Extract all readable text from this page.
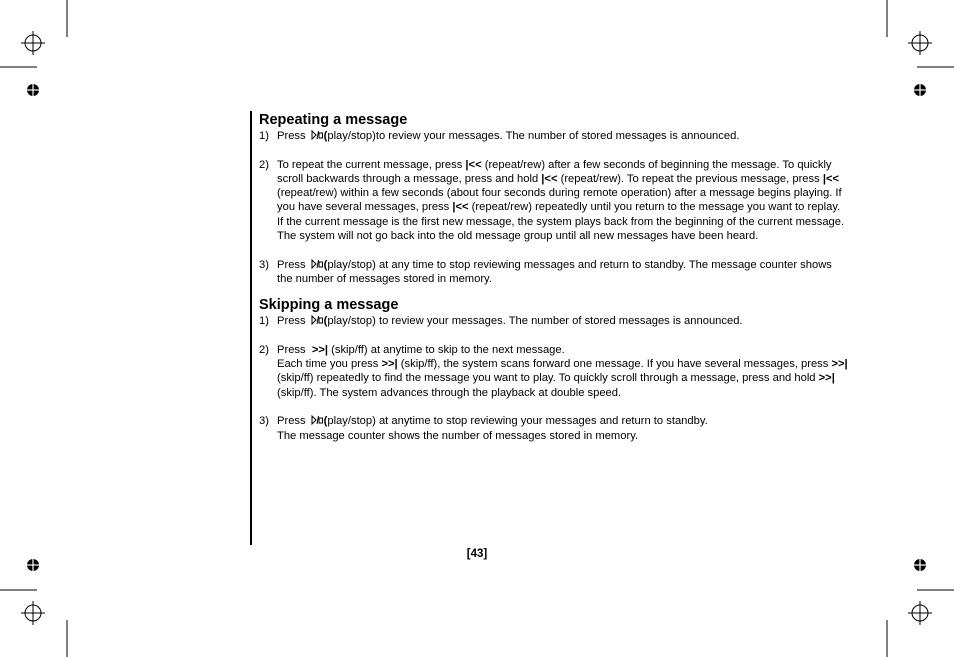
Repeating a message
1) Press (play/stop)to review your messages. The number of stored messages is announced.

2) To repeat the current message, press |<< (repeat/rew) after a few seconds of beginning the message. To quickly scroll backwards through a message, press and hold |<< (repeat/rew). To repeat the previous message, press |<< (repeat/rew) within a few seconds (about four seconds during remote operation) after a message begins playing. If you have several messages, press |<< (repeat/rew) repeatedly until you return to the message you want to replay. If the current message is the first new message, the system plays back from the beginning of the current message. The system will not go back into the old message group until all new messages have been heard.

3) Press (play/stop) at any time to stop reviewing messages and return to standby. The message counter shows the number of messages stored in memory.

Skipping a message
1) Press (play/stop) to review your messages. The number of stored messages is announced.

2) Press >>| (skip/ff) at anytime to skip to the next message.

Each time you press >>| (skip/ff), the system scans forward one message. If you have several messages, press >>| (skip/ff) repeatedly to find the message you want to play. To quickly scroll through a message, press and hold >>| (skip/ff). The system advances through the playback at double speed.

3) Press (play/stop) at anytime to stop reviewing your messages and return to standby.

The message counter shows the number of messages stored in memory.

[43]
